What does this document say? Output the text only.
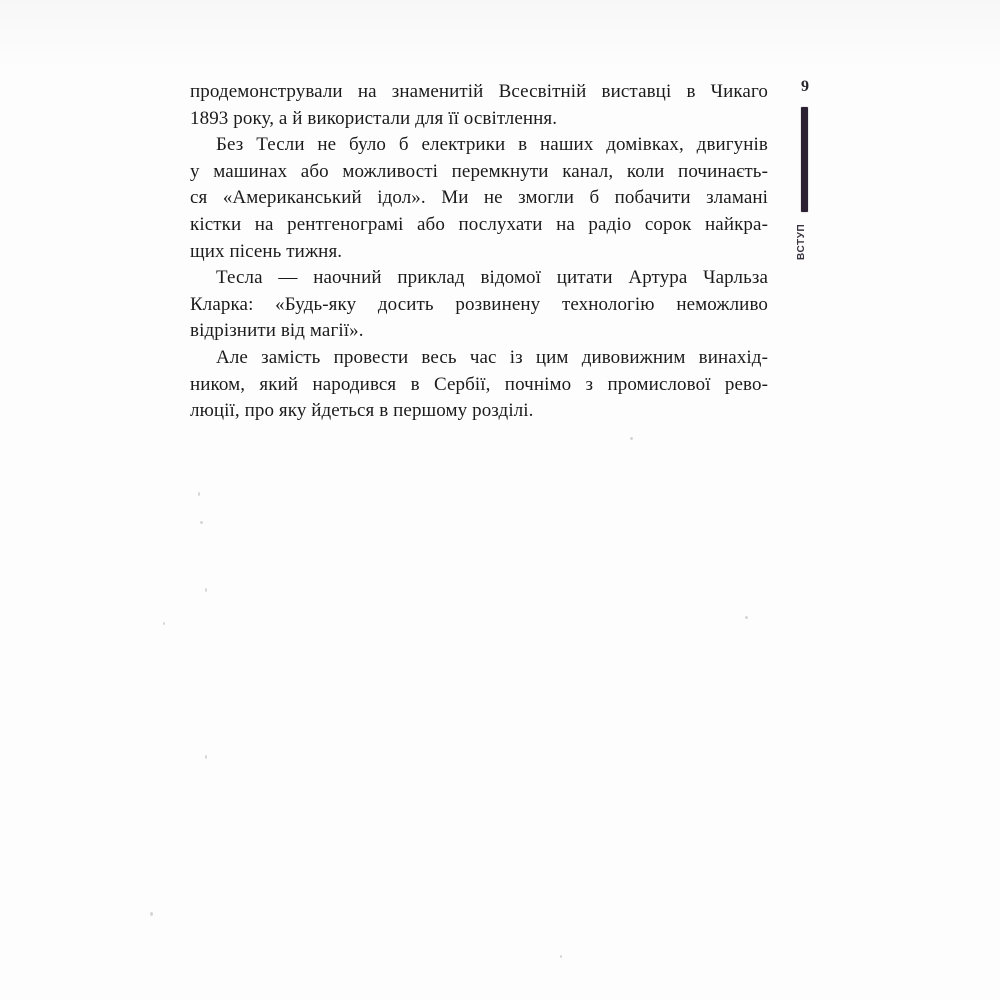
продемонстрували на знаменитій Всесвітній виставці в Чикаго
1893 року, а й використали для її освітлення.
Без Тесли не було б електрики в наших домівках, двигунів
у машинах або можливості перемкнути канал, коли починаєть-
ся «Американський ідол». Ми не змогли б побачити зламані
кістки на рентгенограмі або послухати на радіо сорок найкра-
щих пісень тижня.
Тесла — наочний приклад відомої цитати Артура Чарльза
Кларка: «Будь-яку досить розвинену технологію неможливо
відрізнити від магії».
Але замість провести весь час із цим дивовижним винахід-
ником, який народився в Сербії, почнімо з промислової рево-
люції, про яку йдеться в першому розділі.
9
ВСТУП
